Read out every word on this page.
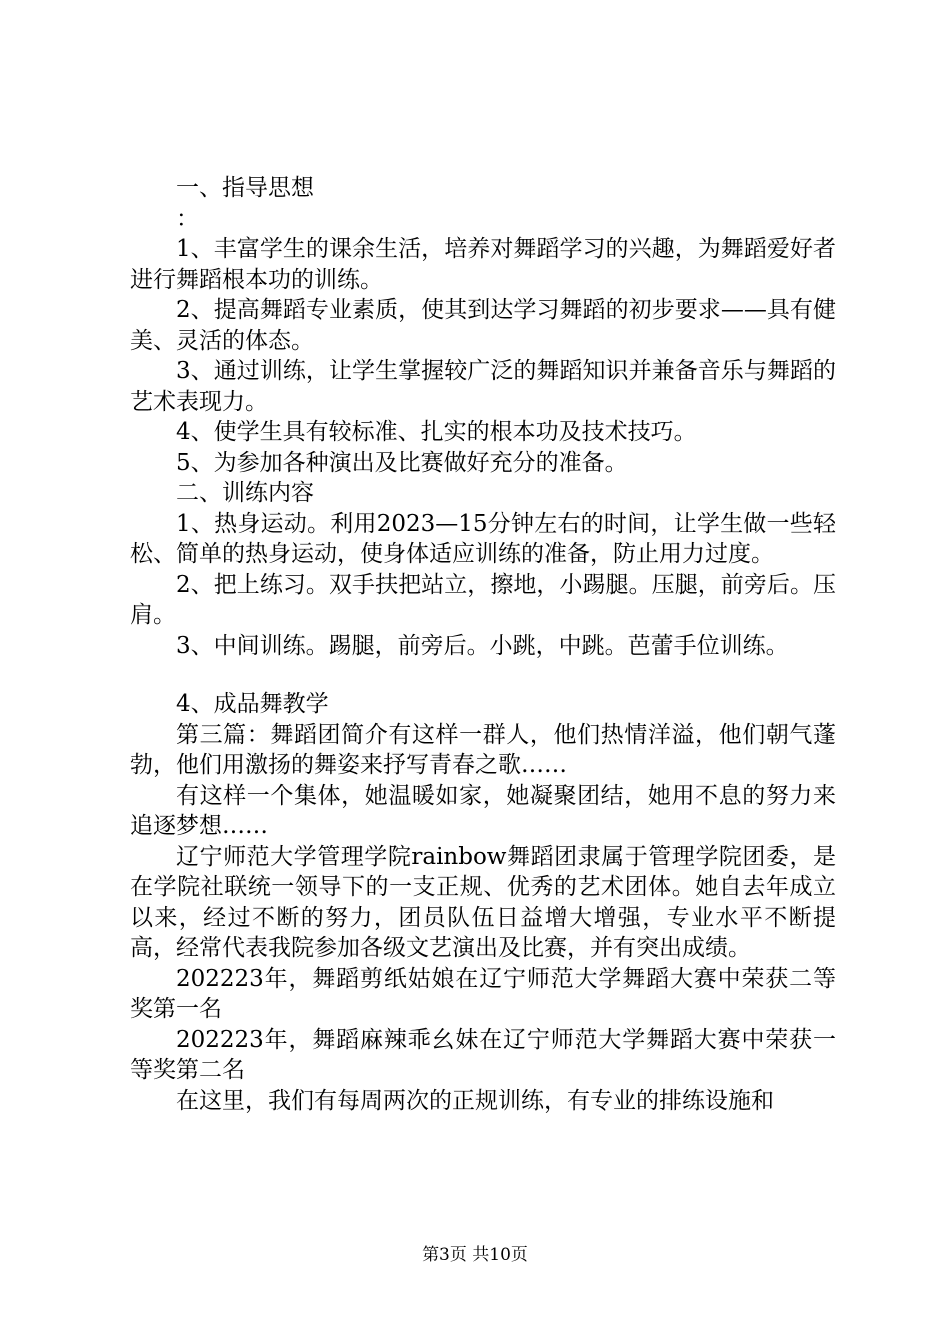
一、指导思想

：

1、丰富学生的课余生活，培养对舞蹈学习的兴趣，为舞蹈爱好者进行舞蹈根本功的训练。

2、提高舞蹈专业素质，使其到达学习舞蹈的初步要求——具有健美、灵活的体态。

3、通过训练，让学生掌握较广泛的舞蹈知识并兼备音乐与舞蹈的艺术表现力。

4、使学生具有较标准、扎实的根本功及技术技巧。

5、为参加各种演出及比赛做好充分的准备。

二、训练内容

1、热身运动。利用2023—15分钟左右的时间，让学生做一些轻松、简单的热身运动，使身体适应训练的准备，防止用力过度。

2、把上练习。双手扶把站立，擦地，小踢腿。压腿，前旁后。压肩。

3、中间训练。踢腿，前旁后。小跳，中跳。芭蕾手位训练。

4、成品舞教学

第三篇：舞蹈团简介有这样一群人，他们热情洋溢，他们朝气蓬勃，他们用激扬的舞姿来抒写青春之歌……

有这样一个集体，她温暖如家，她凝聚团结，她用不息的努力来追逐梦想……

辽宁师范大学管理学院rainbow舞蹈团隶属于管理学院团委，是在学院社联统一领导下的一支正规、优秀的艺术团体。她自去年成立以来，经过不断的努力，团员队伍日益增大增强，专业水平不断提高，经常代表我院参加各级文艺演出及比赛，并有突出成绩。

202223年，舞蹈剪纸姑娘在辽宁师范大学舞蹈大赛中荣获二等奖第一名

202223年，舞蹈麻辣乖幺妹在辽宁师范大学舞蹈大赛中荣获一等奖第二名

在这里，我们有每周两次的正规训练，有专业的排练设施和

第3页 共10页
